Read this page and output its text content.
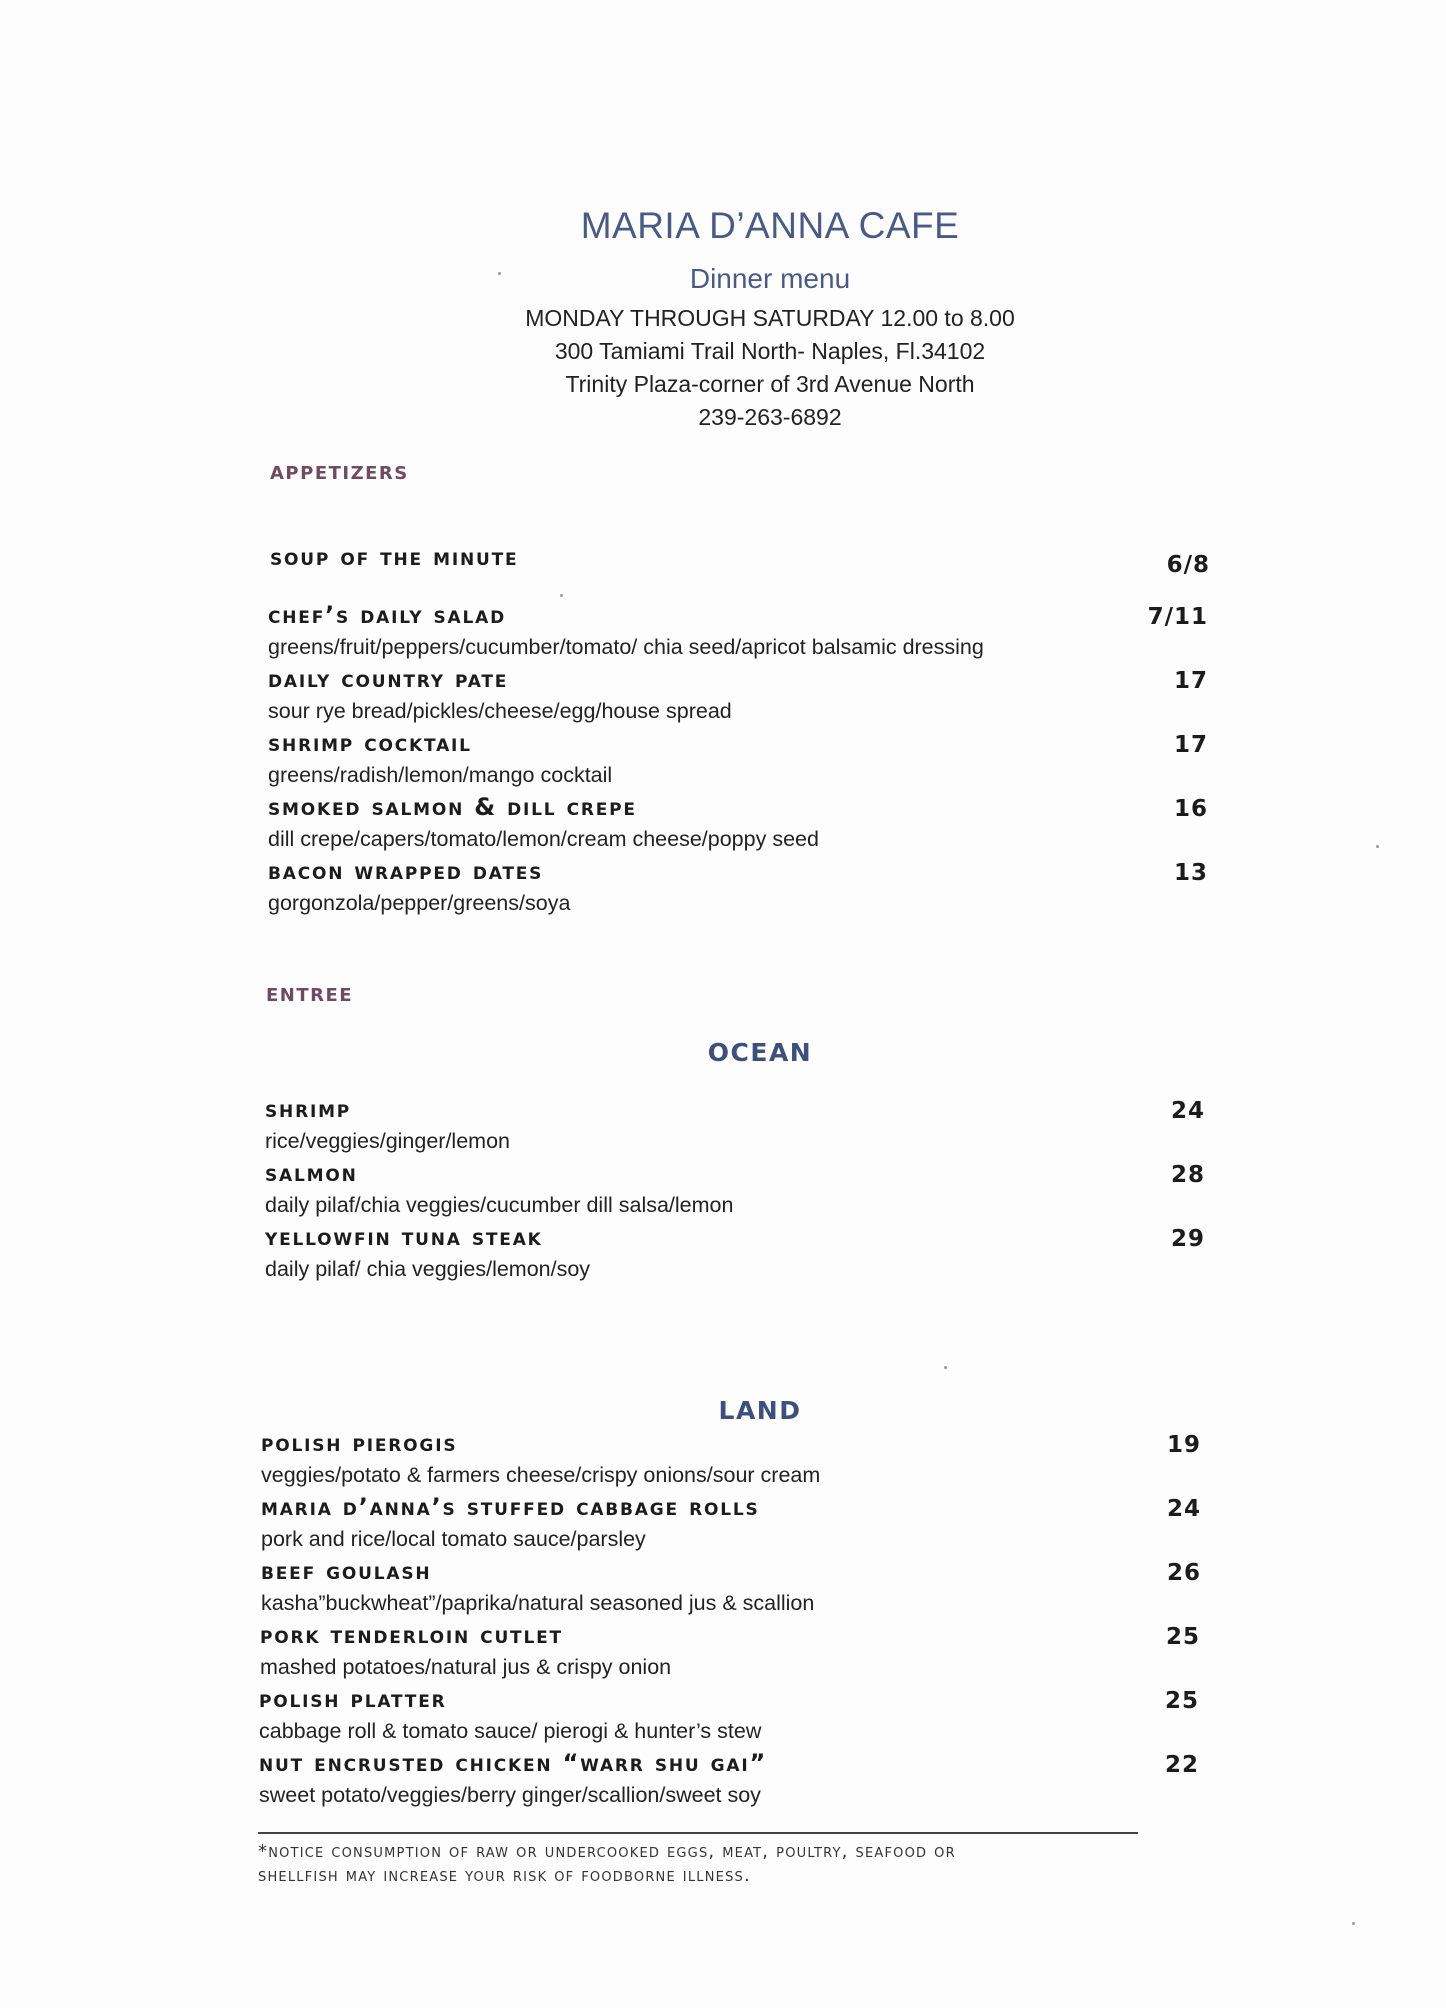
MARIA D’ANNA CAFE
Dinner menu
MONDAY THROUGH SATURDAY 12.00 to 8.00
300 Tamiami Trail North- Naples, Fl.34102
Trinity Plaza-corner of 3rd Avenue North
239-263-6892
appetizers
soup of the minute	6/8
chef’s daily salad
greens/fruit/peppers/cucumber/tomato/ chia seed/apricot balsamic dressing
7/11
daily country pate
sour rye bread/pickles/cheese/egg/house spread
17
shrimp cocktail
greens/radish/lemon/mango cocktail
17
smoked salmon & dill crepe
dill crepe/capers/tomato/lemon/cream cheese/poppy seed
16
bacon wrapped dates
gorgonzola/pepper/greens/soya
13
entree
OCEAN
shrimp
rice/veggies/ginger/lemon
24
salmon
daily pilaf/chia veggies/cucumber dill salsa/lemon
28
yellowfin tuna steak
daily pilaf/ chia veggies/lemon/soy
29
LAND
polish pierogis
veggies/potato & farmers cheese/crispy onions/sour cream
19
maria d’anna’s stuffed cabbage rolls
pork and rice/local tomato sauce/parsley
24
beef goulash
kasha”buckwheat”/paprika/natural seasoned jus & scallion
26
pork tenderloin cutlet
mashed potatoes/natural jus & crispy onion
25
polish platter
cabbage roll & tomato sauce/ pierogi & hunter’s stew
25
nut encrusted chicken “warr shu gai”
sweet potato/veggies/berry ginger/scallion/sweet soy
22
*notice consumption of raw or undercooked eggs, meat, poultry, seafood or
shellfish may increase your risk of foodborne illness.
